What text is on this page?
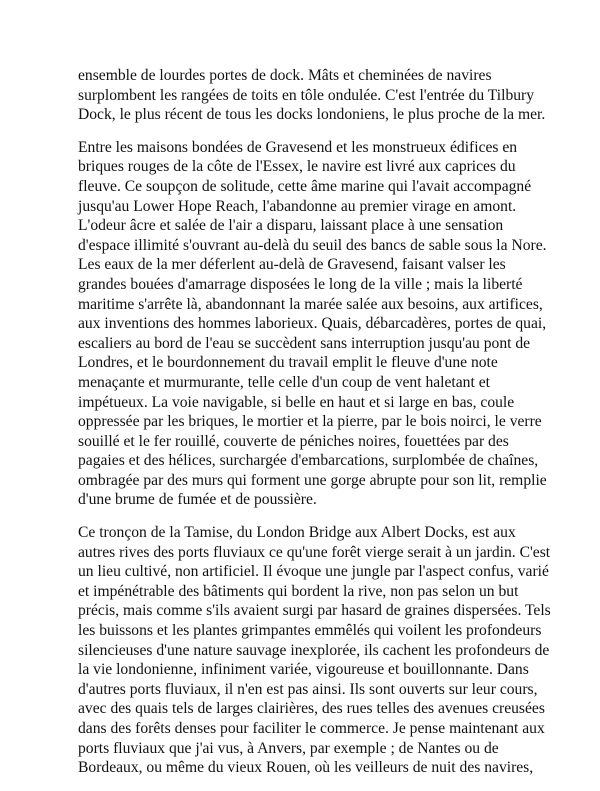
ensemble de lourdes portes de dock. Mâts et cheminées de navires
surplombent les rangées de toits en tôle ondulée. C'est l'entrée du Tilbury
Dock, le plus récent de tous les docks londoniens, le plus proche de la mer.

Entre les maisons bondées de Gravesend et les monstrueux édifices en
briques rouges de la côte de l'Essex, le navire est livré aux caprices du
fleuve. Ce soupçon de solitude, cette âme marine qui l'avait accompagné
jusqu'au Lower Hope Reach, l'abandonne au premier virage en amont.
L'odeur âcre et salée de l'air a disparu, laissant place à une sensation
d'espace illimité s'ouvrant au-delà du seuil des bancs de sable sous la Nore.
Les eaux de la mer déferlent au-delà de Gravesend, faisant valser les
grandes bouées d'amarrage disposées le long de la ville ; mais la liberté
maritime s'arrête là, abandonnant la marée salée aux besoins, aux artifices,
aux inventions des hommes laborieux. Quais, débarcadères, portes de quai,
escaliers au bord de l'eau se succèdent sans interruption jusqu'au pont de
Londres, et le bourdonnement du travail emplit le fleuve d'une note
menaçante et murmurante, telle celle d'un coup de vent haletant et
impétueux. La voie navigable, si belle en haut et si large en bas, coule
oppressée par les briques, le mortier et la pierre, par le bois noirci, le verre
souillé et le fer rouillé, couverte de péniches noires, fouettées par des
pagaies et des hélices, surchargée d'embarcations, surplombée de chaînes,
ombragée par des murs qui forment une gorge abrupte pour son lit, remplie
d'une brume de fumée et de poussière.

Ce tronçon de la Tamise, du London Bridge aux Albert Docks, est aux
autres rives des ports fluviaux ce qu'une forêt vierge serait à un jardin. C'est
un lieu cultivé, non artificiel. Il évoque une jungle par l'aspect confus, varié
et impénétrable des bâtiments qui bordent la rive, non pas selon un but
précis, mais comme s'ils avaient surgi par hasard de graines dispersées. Tels
les buissons et les plantes grimpantes emmêlés qui voilent les profondeurs
silencieuses d'une nature sauvage inexplorée, ils cachent les profondeurs de
la vie londonienne, infiniment variée, vigoureuse et bouillonnante. Dans
d'autres ports fluviaux, il n'en est pas ainsi. Ils sont ouverts sur leur cours,
avec des quais tels de larges clairières, des rues telles des avenues creusées
dans des forêts denses pour faciliter le commerce. Je pense maintenant aux
ports fluviaux que j'ai vus, à Anvers, par exemple ; de Nantes ou de
Bordeaux, ou même du vieux Rouen, où les veilleurs de nuit des navires,
